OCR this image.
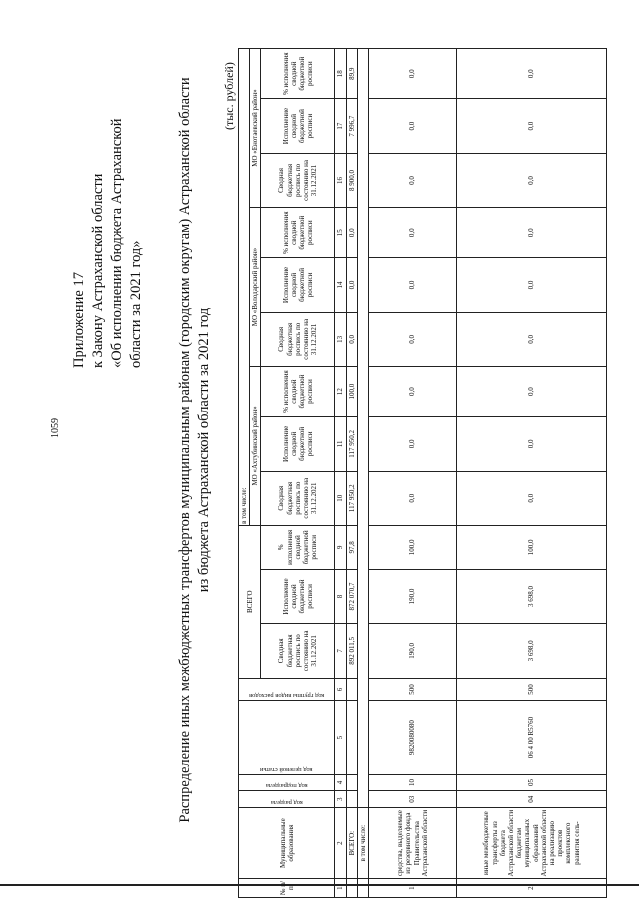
1059
Приложение 17 к Закону Астраханской области «Об исполнении бюджета Астраханской области за 2021 год» Распределение иных межбюджетных трансфертов муниципальным районам (городским округам) Астраханской области из бюджета Астраханской области за 2021 год
(тыс. рублей)
№ п/п	Муниципальные образования	код раздела	код подраздела	код целевой статьи	код группы видов расходов	ВСЕГО			в том числе:								
									МО «Ахтубинский район»			МО «Володарский район»			МО «Енотаевский район»		
						Сводная бюджетная роспись по состоянию на 31.12.2021	Исполнение сводной бюджетной росписи	% исполнения сводной бюджетной росписи	Сводная бюджетная роспись по состоянию на 31.12.2021	Исполнение сводной бюджетной росписи	% исполнения сводной бюджетной росписи	Сводная бюджетная роспись по состоянию на 31.12.2021	Исполнение сводной бюджетной росписи	% исполнения сводной бюджетной росписи	Сводная бюджетная роспись по состоянию на 31.12.2021	Исполнение сводной бюджетной росписи	% исполнения сводной бюджетной росписи
1	2	3	4	5	6	7	8	9	10	11	12	13	14	15	16	17	18
	ВСЕГО:					892 011,5	872 070,7	97,8	117 950,2	117 950,2	100,0	0,0	0,0	0,0	8 900,0	7 996,7	89,9
	в том числе:																
1	средства, выделяемые из резервного фонда Правительства Астраханской области	03	10	9820080080	500	190,0	190,0	100,0	0,0	0,0	0,0	0,0	0,0	0,0	0,0	0,0	0,0
2	иные межбюджетные трансферты из бюджета Астраханской области бюджетам муниципальных образований Астраханской области на реализацию проектов комплексного развития сель-	04	05	06 4 00 R5760	500	3 698,0	3 698,0	100,0	0,0	0,0	0,0	0,0	0,0	0,0	0,0	0,0	0,0
